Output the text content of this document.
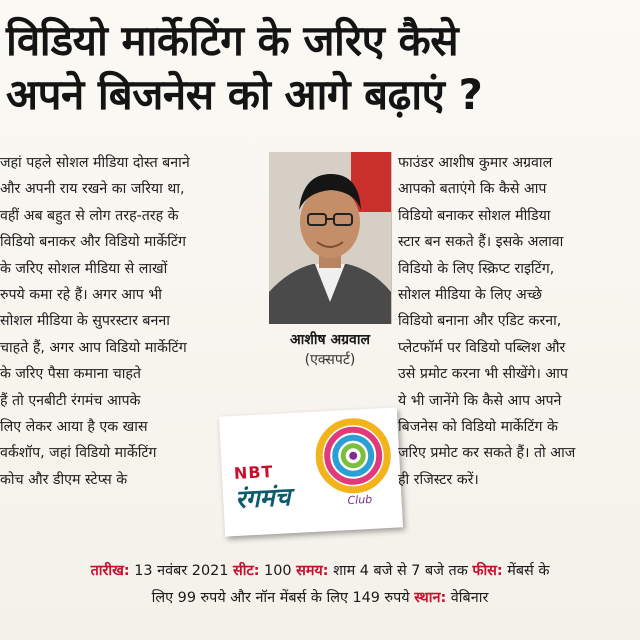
विडियो मार्केटिंग के जरिए कैसे
अपने बिजनेस को आगे बढ़ाएं ?

जहां पहले सोशल मीडिया दोस्त बनाने

और अपनी राय रखने का जरिया था,

वहीं अब बहुत से लोग तरह-तरह के

विडियो बनाकर और विडियो मार्केटिंग

के जरिए सोशल मीडिया से लाखों

रुपये कमा रहे हैं। अगर आप भी

सोशल मीडिया के सुपरस्टार बनना

चाहते हैं, अगर आप विडियो मार्केटिंग

के जरिए पैसा कमाना चाहते

हैं तो एनबीटी रंगमंच आपके

लिए लेकर आया है एक खास

वर्कशॉप, जहां विडियो मार्केटिंग

कोच और डीएम स्टेप्स के

आशीष अग्रवाल
(एक्सपर्ट)
NBT
रंगमंच	Club

फाउंडर आशीष कुमार अग्रवाल

आपको बताएंगे कि कैसे आप

विडियो बनाकर सोशल मीडिया

स्टार बन सकते हैं। इसके अलावा

विडियो के लिए स्क्रिप्ट राइटिंग,

सोशल मीडिया के लिए अच्छे

विडियो बनाना और एडिट करना,

प्लेटफॉर्म पर विडियो पब्लिश और

उसे प्रमोट करना भी सीखेंगे। आप

ये भी जानेंगे कि कैसे आप अपने

बिजनेस को विडियो मार्केटिंग के

जरिए प्रमोट कर सकते हैं। तो आज

ही रजिस्टर करें।

तारीख: 13 नवंबर 2021 सीट: 100 समय: शाम 4 बजे से 7 बजे तक फीस: मेंबर्स के

लिए 99 रुपये और नॉन मेंबर्स के लिए 149 रुपये स्थान: वेबिनार
